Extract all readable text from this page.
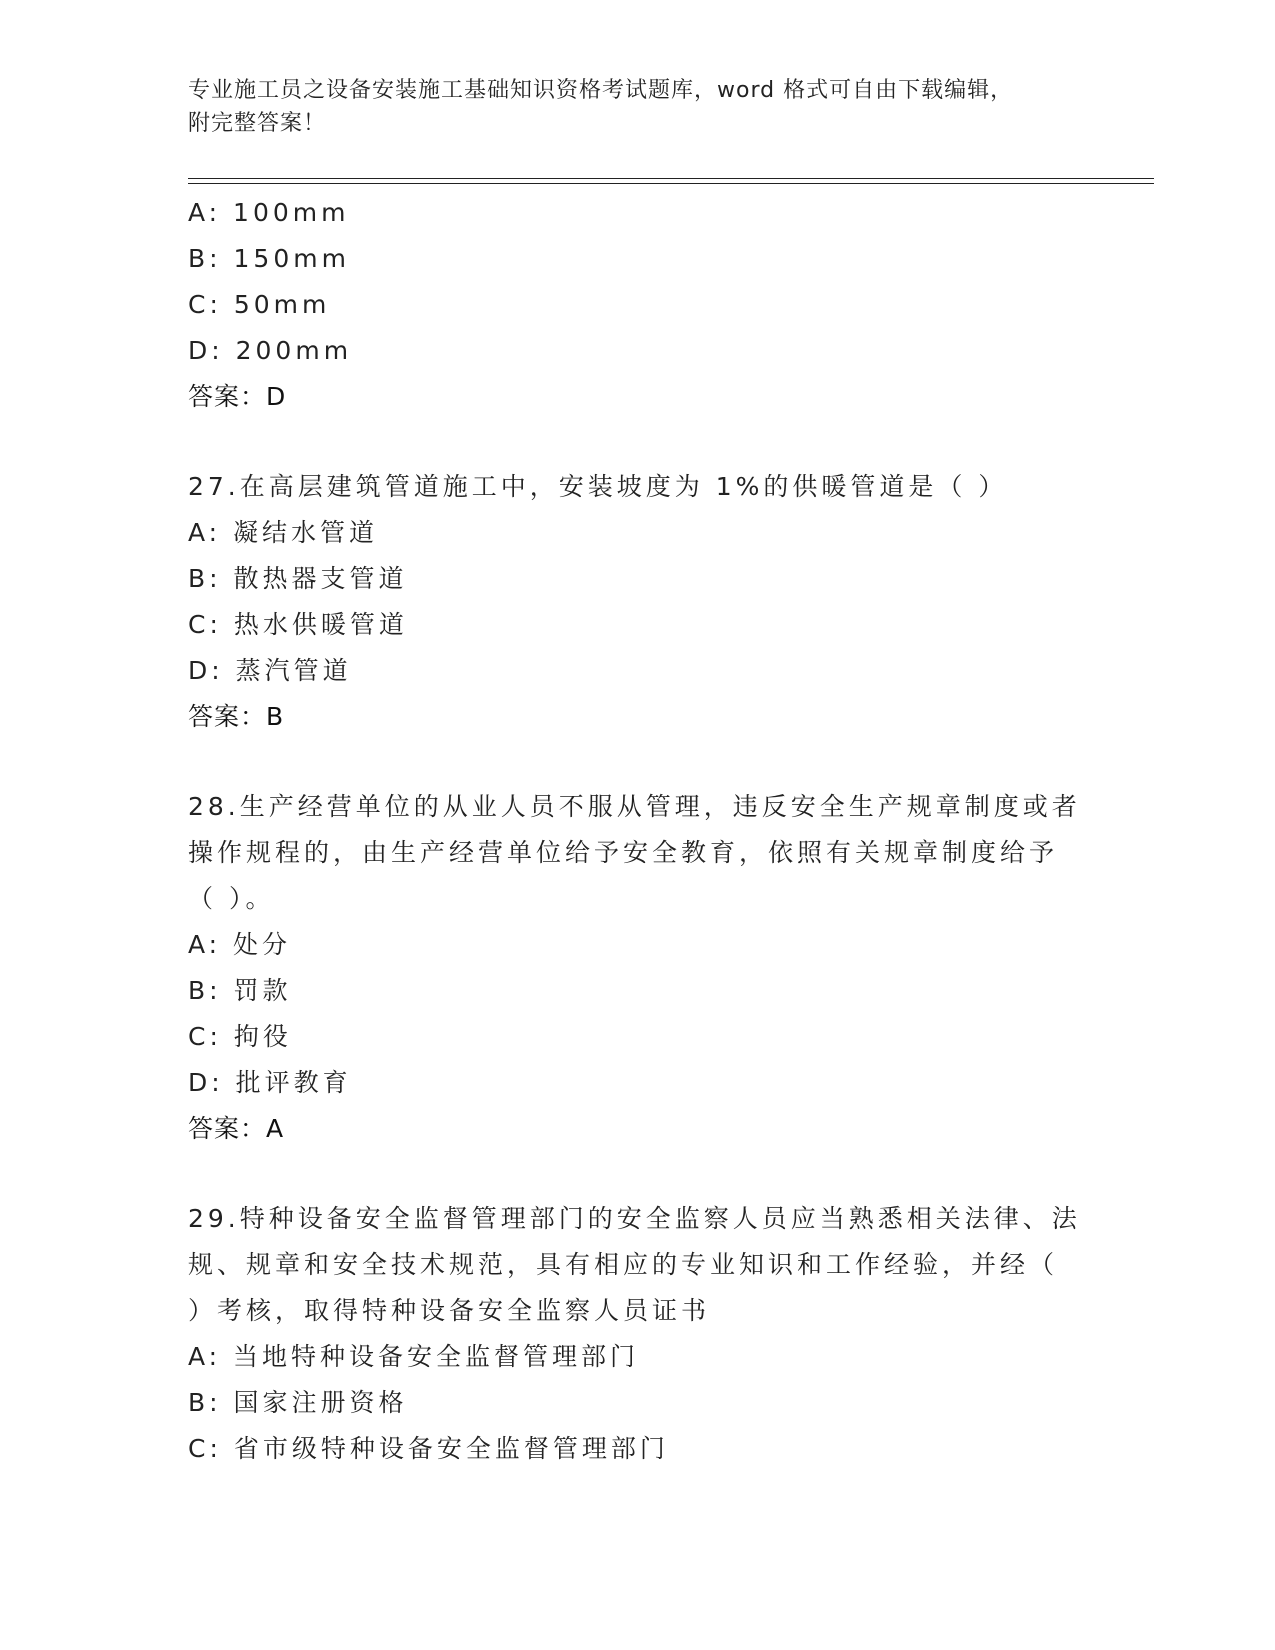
专业施工员之设备安装施工基础知识资格考试题库，word 格式可自由下载编辑，
附完整答案！
A: 100mm
B: 150mm
C: 50mm
D: 200mm
答案：D
27.在高层建筑管道施工中，安装坡度为 1%的供暖管道是（ ）
A: 凝结水管道
B: 散热器支管道
C: 热水供暖管道
D: 蒸汽管道
答案：B
28.生产经营单位的从业人员不服从管理，违反安全生产规章制度或者
操作规程的，由生产经营单位给予安全教育，依照有关规章制度给予
（ ）。
A: 处分
B: 罚款
C: 拘役
D: 批评教育
答案：A
29.特种设备安全监督管理部门的安全监察人员应当熟悉相关法律、法
规、规章和安全技术规范，具有相应的专业知识和工作经验，并经（
）考核，取得特种设备安全监察人员证书
A: 当地特种设备安全监督管理部门
B: 国家注册资格
C: 省市级特种设备安全监督管理部门
